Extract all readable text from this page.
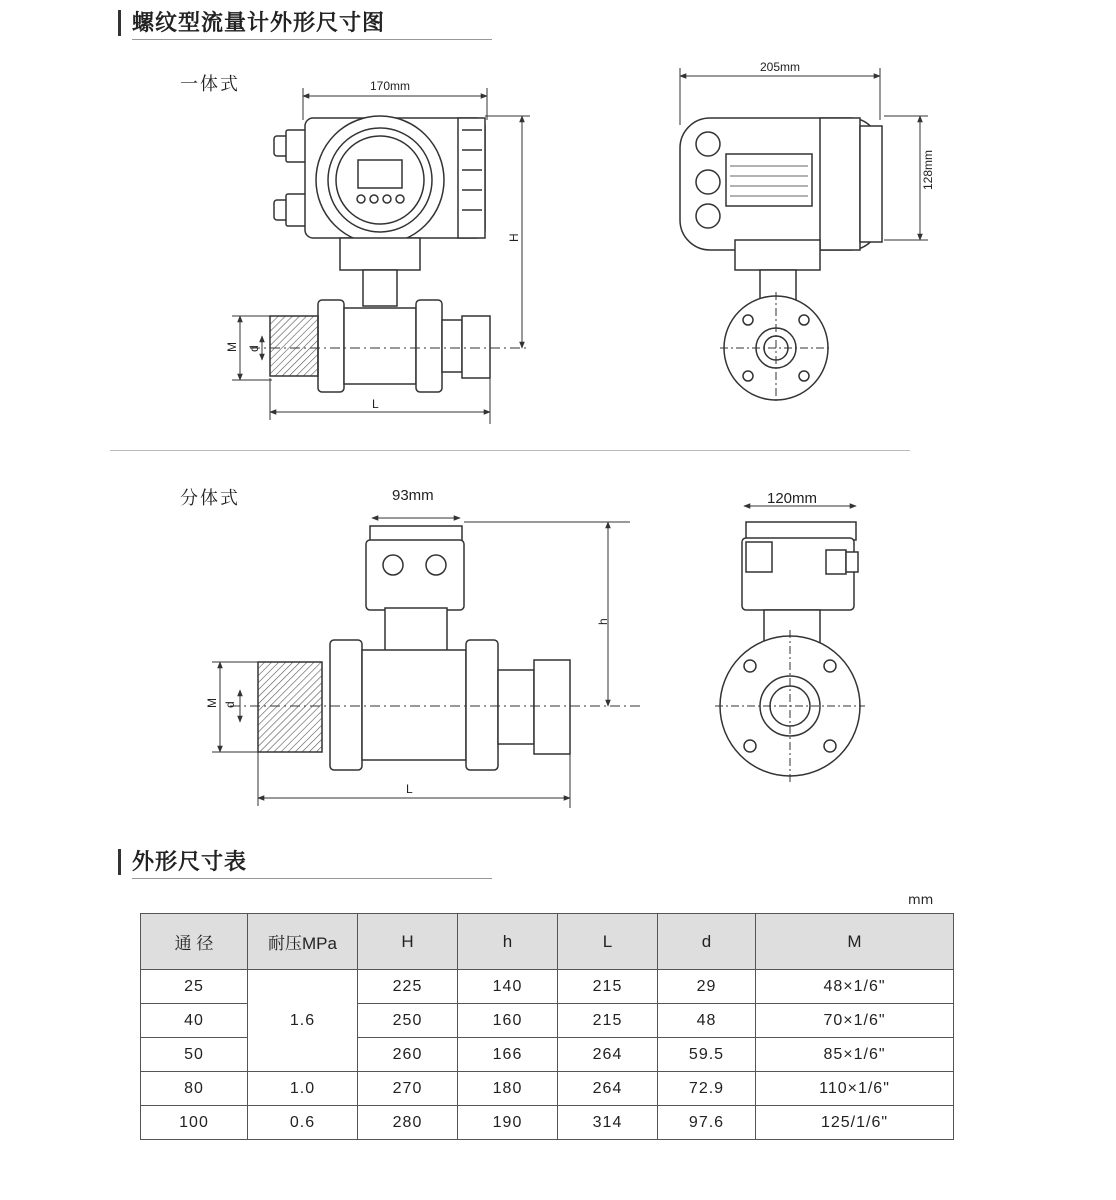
螺纹型流量计外形尺寸图
一体式
分体式
170mm
205mm
128mm
H
L
M d
93mm	120mm
h
L
M d
外形尺寸表
mm
通 径	耐压MPa	H	h	L	d	M
25	1.6	225	140	215	29	48×1/6"
40		250	160	215	48	70×1/6"
50		260	166	264	59.5	85×1/6"
80	1.0	270	180	264	72.9	110×1/6"
100	0.6	280	190	314	97.6	125/1/6"
